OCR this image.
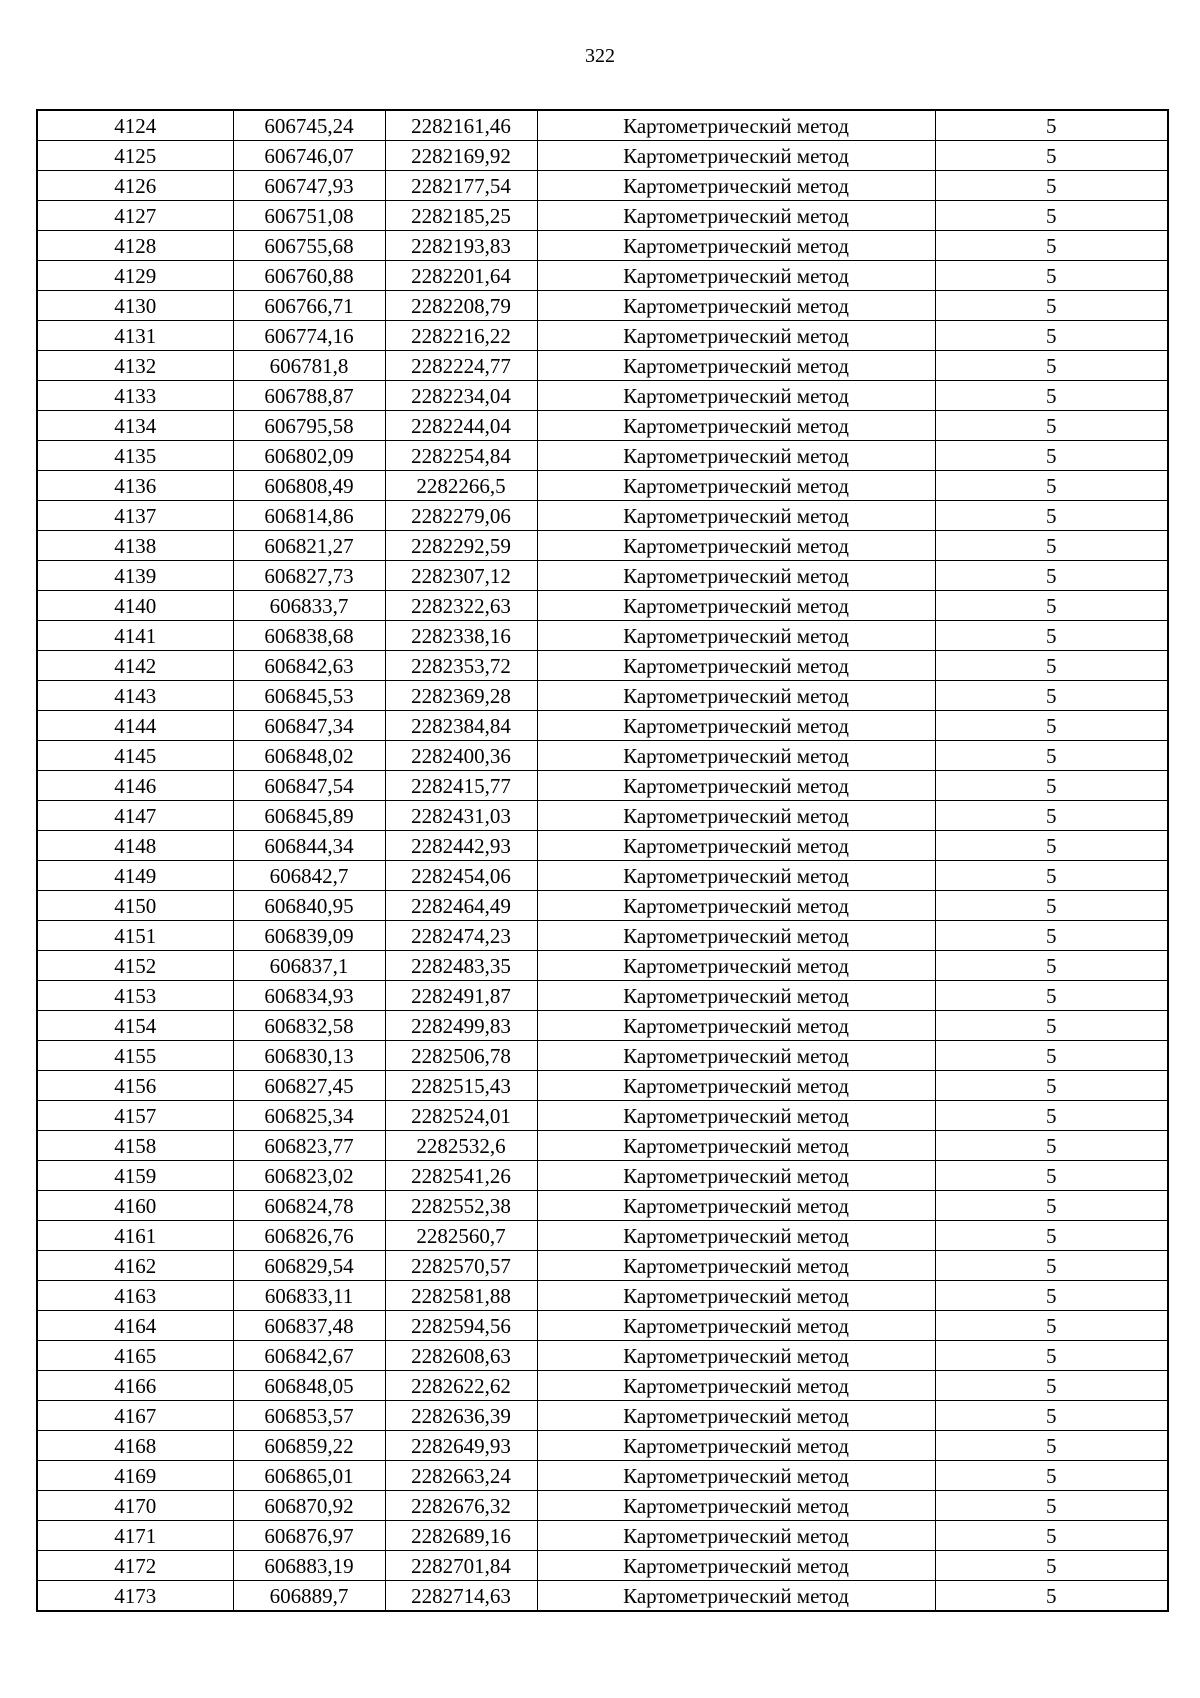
322
4124	606745,24	2282161,46	Картометрический метод	5
4125	606746,07	2282169,92	Картометрический метод	5
4126	606747,93	2282177,54	Картометрический метод	5
4127	606751,08	2282185,25	Картометрический метод	5
4128	606755,68	2282193,83	Картометрический метод	5
4129	606760,88	2282201,64	Картометрический метод	5
4130	606766,71	2282208,79	Картометрический метод	5
4131	606774,16	2282216,22	Картометрический метод	5
4132	606781,8	2282224,77	Картометрический метод	5
4133	606788,87	2282234,04	Картометрический метод	5
4134	606795,58	2282244,04	Картометрический метод	5
4135	606802,09	2282254,84	Картометрический метод	5
4136	606808,49	2282266,5	Картометрический метод	5
4137	606814,86	2282279,06	Картометрический метод	5
4138	606821,27	2282292,59	Картометрический метод	5
4139	606827,73	2282307,12	Картометрический метод	5
4140	606833,7	2282322,63	Картометрический метод	5
4141	606838,68	2282338,16	Картометрический метод	5
4142	606842,63	2282353,72	Картометрический метод	5
4143	606845,53	2282369,28	Картометрический метод	5
4144	606847,34	2282384,84	Картометрический метод	5
4145	606848,02	2282400,36	Картометрический метод	5
4146	606847,54	2282415,77	Картометрический метод	5
4147	606845,89	2282431,03	Картометрический метод	5
4148	606844,34	2282442,93	Картометрический метод	5
4149	606842,7	2282454,06	Картометрический метод	5
4150	606840,95	2282464,49	Картометрический метод	5
4151	606839,09	2282474,23	Картометрический метод	5
4152	606837,1	2282483,35	Картометрический метод	5
4153	606834,93	2282491,87	Картометрический метод	5
4154	606832,58	2282499,83	Картометрический метод	5
4155	606830,13	2282506,78	Картометрический метод	5
4156	606827,45	2282515,43	Картометрический метод	5
4157	606825,34	2282524,01	Картометрический метод	5
4158	606823,77	2282532,6	Картометрический метод	5
4159	606823,02	2282541,26	Картометрический метод	5
4160	606824,78	2282552,38	Картометрический метод	5
4161	606826,76	2282560,7	Картометрический метод	5
4162	606829,54	2282570,57	Картометрический метод	5
4163	606833,11	2282581,88	Картометрический метод	5
4164	606837,48	2282594,56	Картометрический метод	5
4165	606842,67	2282608,63	Картометрический метод	5
4166	606848,05	2282622,62	Картометрический метод	5
4167	606853,57	2282636,39	Картометрический метод	5
4168	606859,22	2282649,93	Картометрический метод	5
4169	606865,01	2282663,24	Картометрический метод	5
4170	606870,92	2282676,32	Картометрический метод	5
4171	606876,97	2282689,16	Картометрический метод	5
4172	606883,19	2282701,84	Картометрический метод	5
4173	606889,7	2282714,63	Картометрический метод	5
